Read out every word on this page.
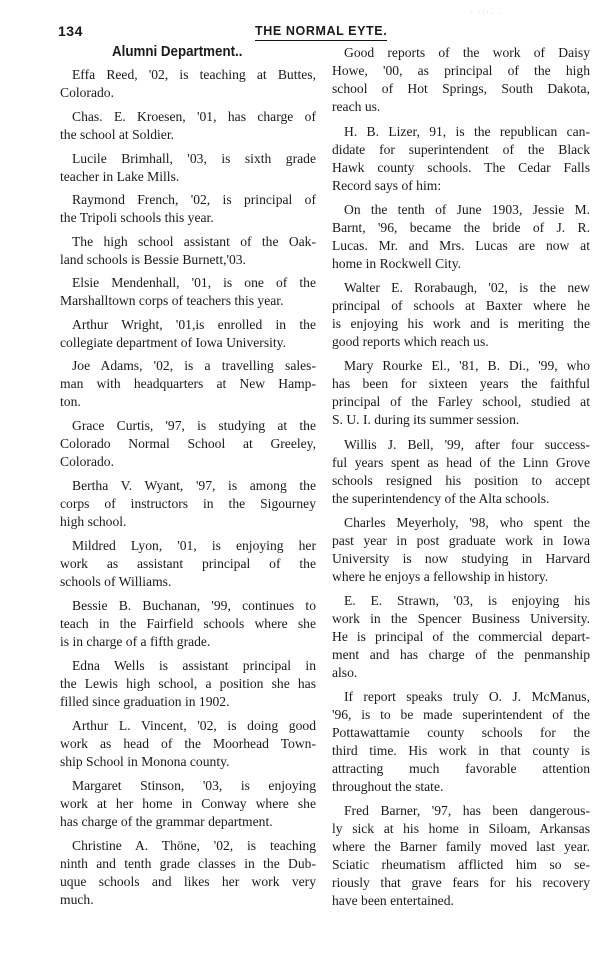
· ·:·. .
134	THE NORMAL EYTE.
Alumni Department..
Effa Reed, '02, is teaching at Buttes,
Colorado.
Chas. E. Kroesen, '01, has charge of
the school at Soldier.
Lucile Brimhall, '03, is sixth grade
teacher in Lake Mills.
Raymond French, '02, is principal of
the Tripoli schools this year.
The high school assistant of the Oak-
land schools is Bessie Burnett,'03.
Elsie Mendenhall, '01, is one of the
Marshalltown corps of teachers this year.
Arthur Wright, '01,is enrolled in the
collegiate department of Iowa University.
Joe Adams, '02, is a travelling sales-
man with headquarters at New Hamp-
ton.
Grace Curtis, '97, is studying at the
Colorado Normal School at Greeley,
Colorado.
Bertha V. Wyant, '97, is among the
corps of instructors in the Sigourney
high school.
Mildred Lyon, '01, is enjoying her
work as assistant principal of the
schools of Williams.
Bessie B. Buchanan, '99, continues to
teach in the Fairfield schools where she
is in charge of a fifth grade.
Edna Wells is assistant principal in
the Lewis high school, a position she has
filled since graduation in 1902.
Arthur L. Vincent, '02, is doing good
work as head of the Moorhead Town-
ship School in Monona county.
Margaret Stinson, '03, is enjoying
work at her home in Conway where she
has charge of the grammar department.
Christine A. Thöne, '02, is teaching
ninth and tenth grade classes in the Dub-
uque schools and likes her work very
much.
Good reports of the work of Daisy
Howe, '00, as principal of the high
school of Hot Springs, South Dakota,
reach us.
H. B. Lizer, 91, is the republican can-
didate for superintendent of the Black
Hawk county schools. The Cedar Falls
Record says of him:
On the tenth of June 1903, Jessie M.
Barnt, '96, became the bride of J. R.
Lucas. Mr. and Mrs. Lucas are now at
home in Rockwell City.
Walter E. Rorabaugh, '02, is the new
principal of schools at Baxter where he
is enjoying his work and is meriting the
good reports which reach us.
Mary Rourke El., '81, B. Di., '99, who
has been for sixteen years the faithful
principal of the Farley school, studied at
S. U. I. during its summer session.
Willis J. Bell, '99, after four success-
ful years spent as head of the Linn Grove
schools resigned his position to accept
the superintendency of the Alta schools.
Charles Meyerholy, '98, who spent the
past year in post graduate work in Iowa
University is now studying in Harvard
where he enjoys a fellowship in history.
E. E. Strawn, '03, is enjoying his
work in the Spencer Business University.
He is principal of the commercial depart-
ment and has charge of the penmanship
also.
If report speaks truly O. J. McManus,
'96, is to be made superintendent of the
Pottawattamie county schools for the
third time. His work in that county is
attracting much favorable attention
throughout the state.
Fred Barner, '97, has been dangerous-
ly sick at his home in Siloam, Arkansas
where the Barner family moved last year.
Sciatic rheumatism afflicted him so se-
riously that grave fears for his recovery
have been entertained.
